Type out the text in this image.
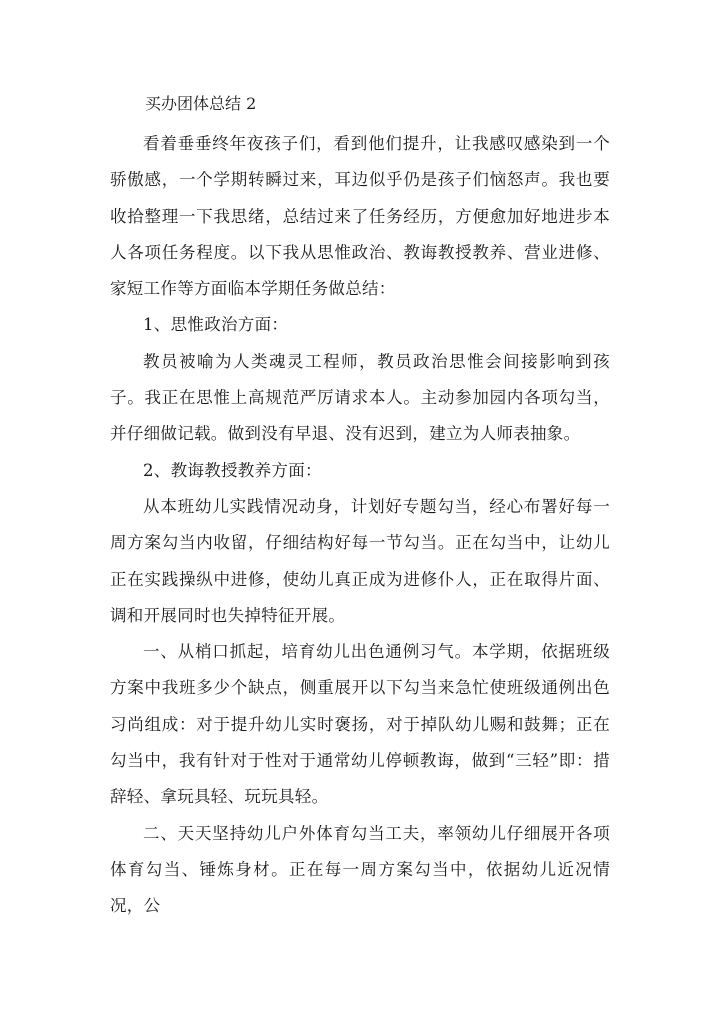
买办团体总结 2

看着垂垂终年夜孩子们，看到他们提升，让我感叹感染到一个骄傲感，一个学期转瞬过来，耳边似乎仍是孩子们恼怒声。我也要收拾整理一下我思绪，总结过来了任务经历，方便愈加好地进步本人各项任务程度。以下我从思惟政治、教诲教授教养、营业进修、家短工作等方面临本学期任务做总结：

1、思惟政治方面：

教员被喻为人类魂灵工程师，教员政治思惟会间接影响到孩子。我正在思惟上高规范严厉请求本人。主动参加园内各项勾当，并仔细做记载。做到没有早退、没有迟到，建立为人师表抽象。

2、教诲教授教养方面：

从本班幼儿实践情况动身，计划好专题勾当，经心布署好每一周方案勾当内收留，仔细结构好每一节勾当。正在勾当中，让幼儿正在实践操纵中进修，使幼儿真正成为进修仆人，正在取得片面、调和开展同时也失掉特征开展。

一、从梢口抓起，培育幼儿出色通例习气。本学期，依据班级方案中我班多少个缺点，侧重展开以下勾当来急忙使班级通例出色习尚组成：对于提升幼儿实时褒扬，对于掉队幼儿赐和鼓舞；正在勾当中，我有针对于性对于通常幼儿停顿教诲，做到“三轻”即：措辞轻、拿玩具轻、玩玩具轻。

二、天天坚持幼儿户外体育勾当工夫，率领幼儿仔细展开各项体育勾当、锤炼身材。正在每一周方案勾当中，依据幼儿近况情况，公
